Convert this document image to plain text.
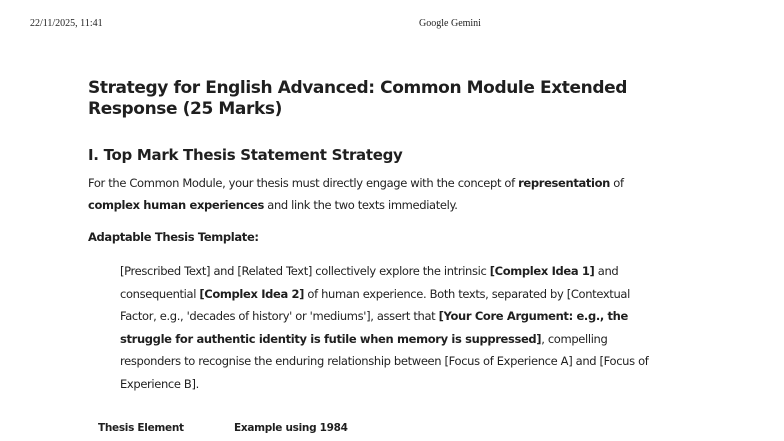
22/11/2025, 11:41	Google Gemini
Strategy for English Advanced: Common Module Extended Response (25 Marks)
I. Top Mark Thesis Statement Strategy

For the Common Module, your thesis must directly engage with the concept of representation of complex human experiences and link the two texts immediately.

Adaptable Thesis Template:

[Prescribed Text] and [Related Text] collectively explore the intrinsic [Complex Idea 1] and consequential [Complex Idea 2] of human experience. Both texts, separated by [Contextual Factor, e.g., 'decades of history' or 'mediums'], assert that [Your Core Argument: e.g., the struggle for authentic identity is futile when memory is suppressed], compelling responders to recognise the enduring relationship between [Focus of Experience A] and [Focus of Experience B].
Thesis Element	Example using 1984
